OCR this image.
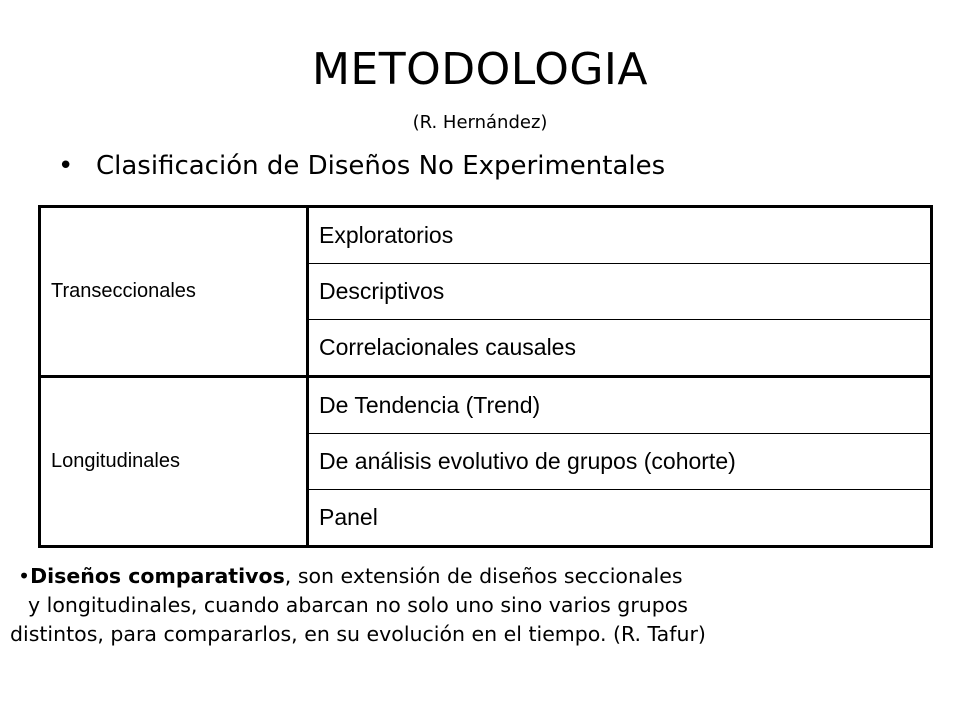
METODOLOGIA
(R. Hernández)
• Clasificación de Diseños No Experimentales
Transeccionales	Exploratorios
	Descriptivos
	Correlacionales causales
Longitudinales	De Tendencia (Trend)
	De análisis evolutivo de grupos (cohorte)
	Panel
•Diseños comparativos, son extensión de diseños seccionales
y longitudinales, cuando abarcan no solo uno sino varios grupos
distintos, para compararlos, en su evolución en el tiempo. (R. Tafur)
